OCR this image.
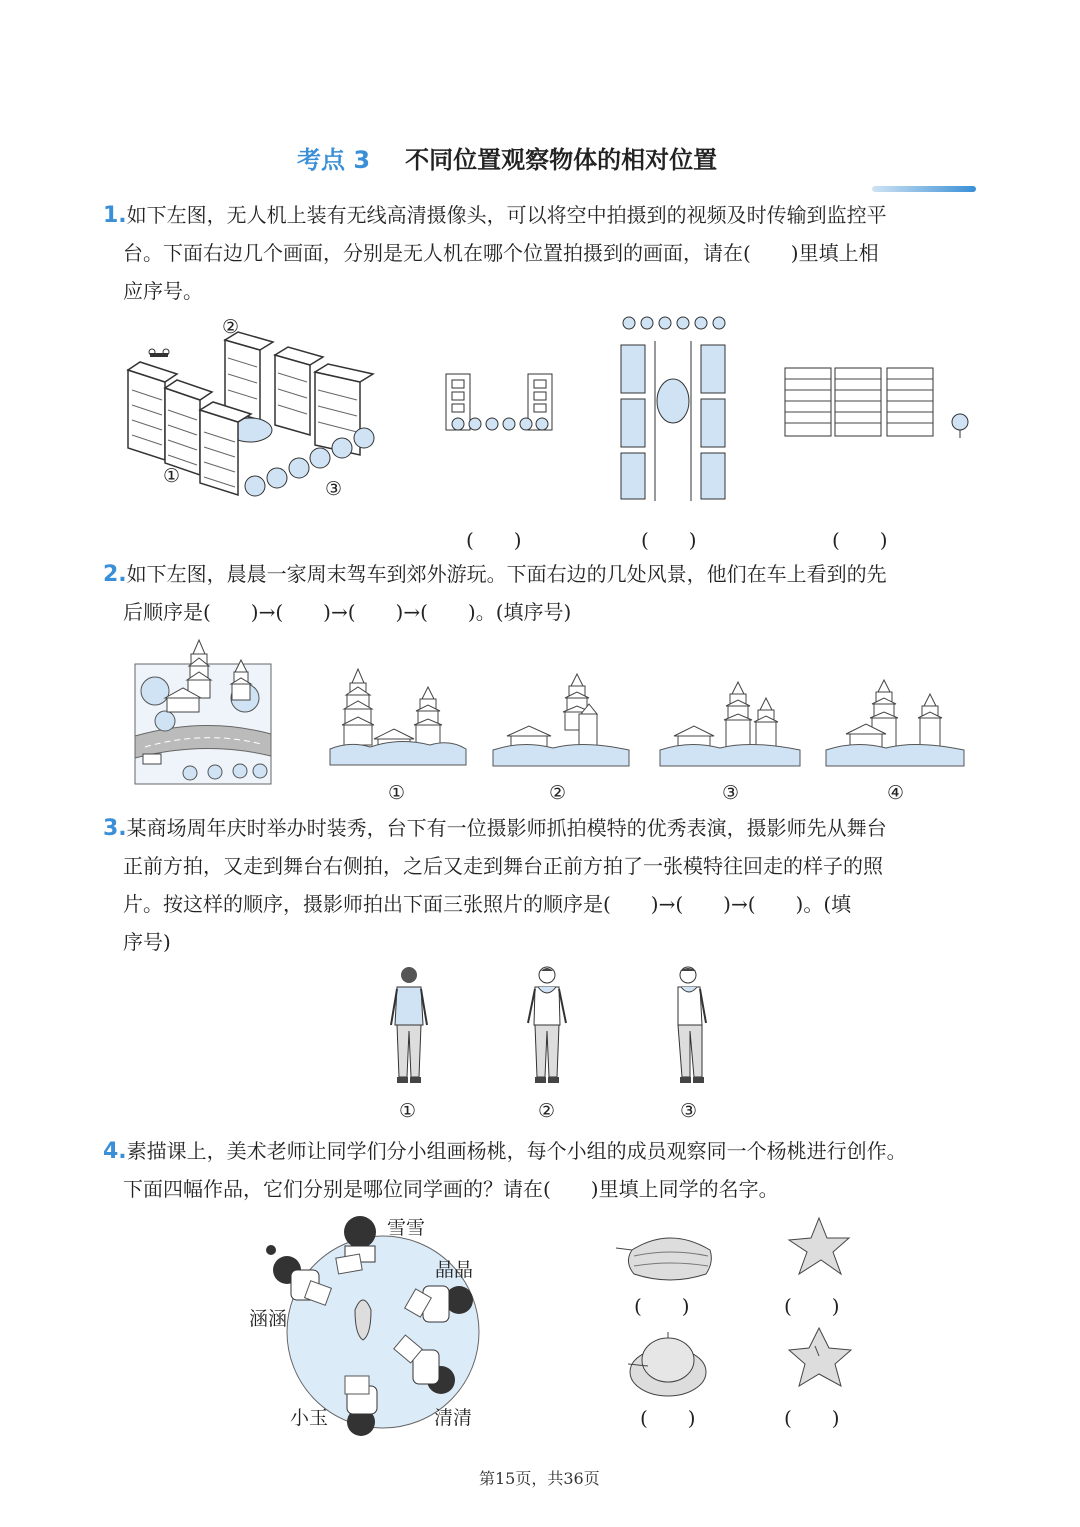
考点 3 不同位置观察物体的相对位置
1.如下左图，无人机上装有无线高清摄像头，可以将空中拍摄到的视频及时传输到监控平
台。下面右边几个画面，分别是无人机在哪个位置拍摄到的画面，请在(　　)里填上相
应序号。
②
①
③
(　　)	(　　)	(　　)
2.如下左图，晨晨一家周末驾车到郊外游玩。下面右边的几处风景，他们在车上看到的先
后顺序是(　　)→(　　)→(　　)→(　　)。(填序号)
①	②	③	④
3.某商场周年庆时举办时装秀，台下有一位摄影师抓拍模特的优秀表演，摄影师先从舞台
正前方拍，又走到舞台右侧拍，之后又走到舞台正前方拍了一张模特往回走的样子的照
片。按这样的顺序，摄影师拍出下面三张照片的顺序是(　　)→(　　)→(　　)。(填
序号)
①	②	③
4.素描课上，美术老师让同学们分小组画杨桃，每个小组的成员观察同一个杨桃进行创作。
下面四幅作品，它们分别是哪位同学画的？请在(　　)里填上同学的名字。
雪雪
晶晶
涵涵
小玉	清清
(　　)	(　　)
(　　)	(　　)
第15页，共36页
